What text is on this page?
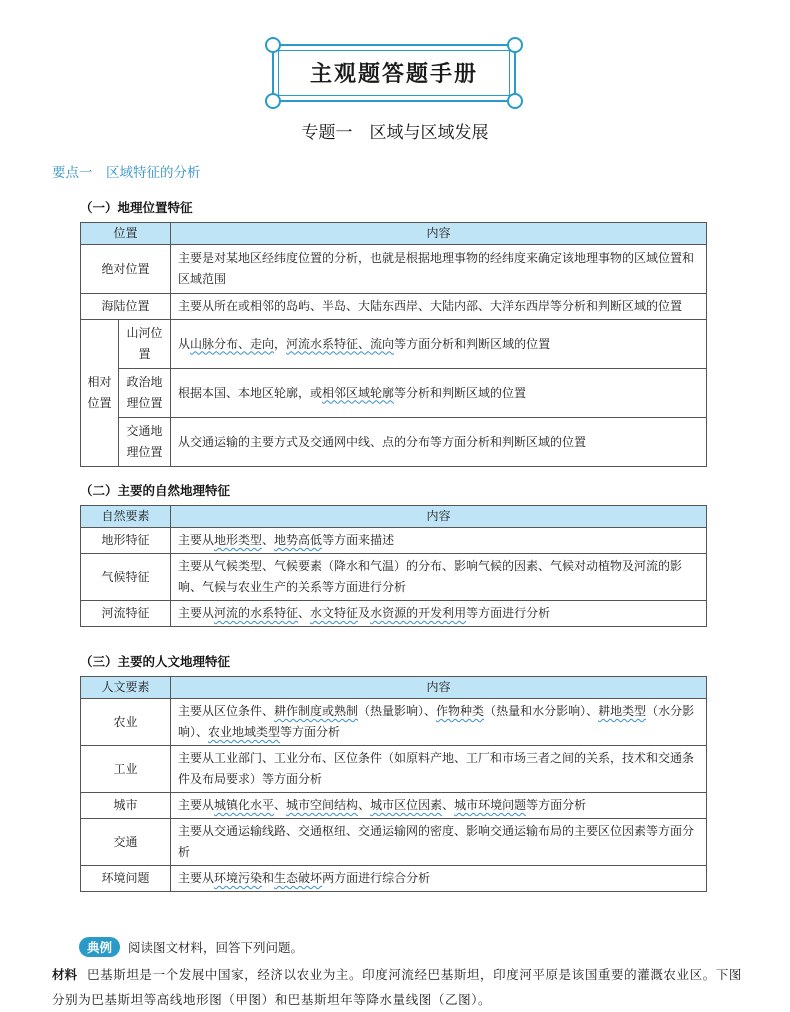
主观题答题手册
专题一　区域与区域发展
要点一　区域特征的分析
（一）地理位置特征
位置		内容
绝对位置		主要是对某地区经纬度位置的分析，也就是根据地理事物的经纬度来确定该地理事物的区域位置和区域范围
海陆位置		主要从所在或相邻的岛屿、半岛、大陆东西岸、大陆内部、大洋东西岸等分析和判断区域的位置
相对位置	山河位置	从山脉分布、走向，河流水系特征、流向等方面分析和判断区域的位置
	政治地理位置	根据本国、本地区轮廓，或相邻区域轮廓等分析和判断区域的位置
	交通地理位置	从交通运输的主要方式及交通网中线、点的分布等方面分析和判断区域的位置
（二）主要的自然地理特征
自然要素	内容
地形特征	主要从地形类型、地势高低等方面来描述
气候特征	主要从气候类型、气候要素（降水和气温）的分布、影响气候的因素、气候对动植物及河流的影响、气候与农业生产的关系等方面进行分析
河流特征	主要从河流的水系特征、水文特征及水资源的开发利用等方面进行分析
（三）主要的人文地理特征
人文要素	内容
农业	主要从区位条件、耕作制度或熟制（热量影响）、作物种类（热量和水分影响）、耕地类型（水分影响）、农业地域类型等方面分析
工业	主要从工业部门、工业分布、区位条件（如原料产地、工厂和市场三者之间的关系，技术和交通条件及布局要求）等方面分析
城市	主要从城镇化水平、城市空间结构、城市区位因素、城市环境问题等方面分析
交通	主要从交通运输线路、交通枢纽、交通运输网的密度、影响交通运输布局的主要区位因素等方面分析
环境问题	主要从环境污染和生态破坏两方面进行综合分析
典例 阅读图文材料，回答下列问题。
材料 巴基斯坦是一个发展中国家，经济以农业为主。印度河流经巴基斯坦，印度河平原是该国重要的灌溉农业区。下图分别为巴基斯坦等高线地形图（甲图）和巴基斯坦年等降水量线图（乙图）。
